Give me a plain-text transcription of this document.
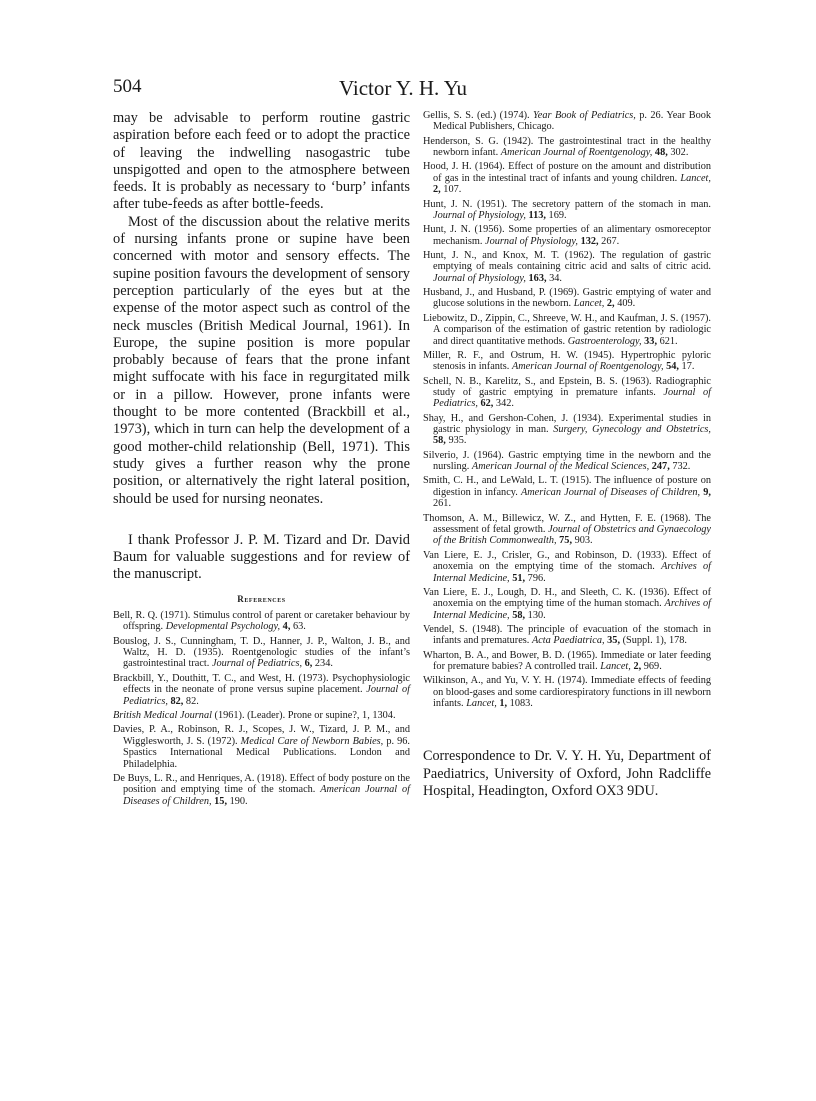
504	Victor Y. H. Yu

may be advisable to perform routine gastric aspiration before each feed or to adopt the practice of leaving the indwelling nasogastric tube unspigotted and open to the atmosphere between feeds. It is probably as necessary to ‘burp’ infants after tube-feeds as after bottle-feeds.

Most of the discussion about the relative merits of nursing infants prone or supine have been concerned with motor and sensory effects. The supine position favours the development of sensory perception particularly of the eyes but at the expense of the motor aspect such as control of the neck muscles (British Medical Journal, 1961). In Europe, the supine position is more popular probably because of fears that the prone infant might suffocate with his face in regurgitated milk or in a pillow. However, prone infants were thought to be more contented (Brackbill et al., 1973), which in turn can help the development of a good mother-child relationship (Bell, 1971). This study gives a further reason why the prone position, or alternatively the right lateral position, should be used for nursing neonates.

I thank Professor J. P. M. Tizard and Dr. David Baum for valuable suggestions and for review of the manuscript.

References

Bell, R. Q. (1971). Stimulus control of parent or caretaker behaviour by offspring. Developmental Psychology, 4, 63.

Bouslog, J. S., Cunningham, T. D., Hanner, J. P., Walton, J. B., and Waltz, H. D. (1935). Roentgenologic studies of the infant’s gastrointestinal tract. Journal of Pediatrics, 6, 234.

Brackbill, Y., Douthitt, T. C., and West, H. (1973). Psychophysiologic effects in the neonate of prone versus supine placement. Journal of Pediatrics, 82, 82.

British Medical Journal (1961). (Leader). Prone or supine?, 1, 1304.

Davies, P. A., Robinson, R. J., Scopes, J. W., Tizard, J. P. M., and Wigglesworth, J. S. (1972). Medical Care of Newborn Babies, p. 96. Spastics International Medical Publications. London and Philadelphia.

De Buys, L. R., and Henriques, A. (1918). Effect of body posture on the position and emptying time of the stomach. American Journal of Diseases of Children, 15, 190.

Gellis, S. S. (ed.) (1974). Year Book of Pediatrics, p. 26. Year Book Medical Publishers, Chicago.

Henderson, S. G. (1942). The gastrointestinal tract in the healthy newborn infant. American Journal of Roentgenology, 48, 302.

Hood, J. H. (1964). Effect of posture on the amount and distribution of gas in the intestinal tract of infants and young children. Lancet, 2, 107.

Hunt, J. N. (1951). The secretory pattern of the stomach in man. Journal of Physiology, 113, 169.

Hunt, J. N. (1956). Some properties of an alimentary osmoreceptor mechanism. Journal of Physiology, 132, 267.

Hunt, J. N., and Knox, M. T. (1962). The regulation of gastric emptying of meals containing citric acid and salts of citric acid. Journal of Physiology, 163, 34.

Husband, J., and Husband, P. (1969). Gastric emptying of water and glucose solutions in the newborn. Lancet, 2, 409.

Liebowitz, D., Zippin, C., Shreeve, W. H., and Kaufman, J. S. (1957). A comparison of the estimation of gastric retention by radiologic and direct quantitative methods. Gastroenterology, 33, 621.

Miller, R. F., and Ostrum, H. W. (1945). Hypertrophic pyloric stenosis in infants. American Journal of Roentgenology, 54, 17.

Schell, N. B., Karelitz, S., and Epstein, B. S. (1963). Radiographic study of gastric emptying in premature infants. Journal of Pediatrics, 62, 342.

Shay, H., and Gershon-Cohen, J. (1934). Experimental studies in gastric physiology in man. Surgery, Gynecology and Obstetrics, 58, 935.

Silverio, J. (1964). Gastric emptying time in the newborn and the nursling. American Journal of the Medical Sciences, 247, 732.

Smith, C. H., and LeWald, L. T. (1915). The influence of posture on digestion in infancy. American Journal of Diseases of Children, 9, 261.

Thomson, A. M., Billewicz, W. Z., and Hytten, F. E. (1968). The assessment of fetal growth. Journal of Obstetrics and Gynaecology of the British Commonwealth, 75, 903.

Van Liere, E. J., Crisler, G., and Robinson, D. (1933). Effect of anoxemia on the emptying time of the stomach. Archives of Internal Medicine, 51, 796.

Van Liere, E. J., Lough, D. H., and Sleeth, C. K. (1936). Effect of anoxemia on the emptying time of the human stomach. Archives of Internal Medicine, 58, 130.

Vendel, S. (1948). The principle of evacuation of the stomach in infants and prematures. Acta Paediatrica, 35, (Suppl. 1), 178.

Wharton, B. A., and Bower, B. D. (1965). Immediate or later feeding for premature babies? A controlled trail. Lancet, 2, 969.

Wilkinson, A., and Yu, V. Y. H. (1974). Immediate effects of feeding on blood-gases and some cardiorespiratory functions in ill newborn infants. Lancet, 1, 1083.

Correspondence to Dr. V. Y. H. Yu, Department of Paediatrics, University of Oxford, John Radcliffe Hospital, Headington, Oxford OX3 9DU.
